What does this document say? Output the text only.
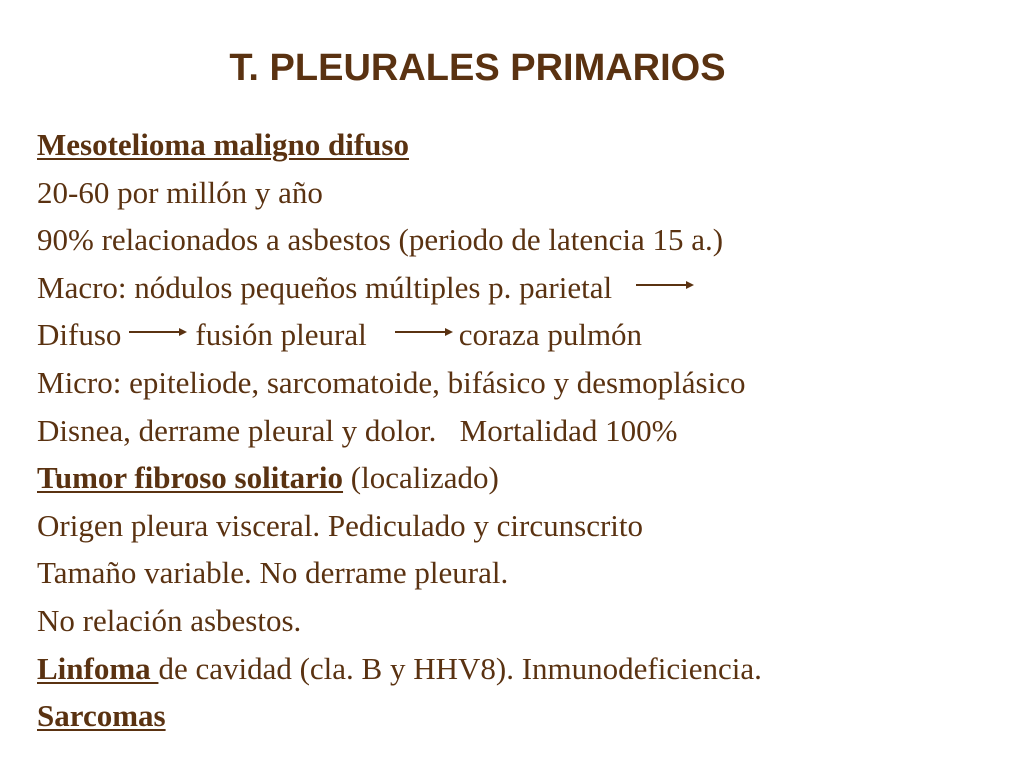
T. PLEURALES PRIMARIOS
Mesotelioma maligno difuso
20-60 por millón y año
90% relacionados a asbestos (periodo de latencia 15 a.)
Macro: nódulos pequeños múltiples p. parietal
Difuso fusión pleural	coraza pulmón
Micro: epiteliode, sarcomatoide, bifásico y desmoplásico
Disnea, derrame pleural y dolor.   Mortalidad 100%
Tumor fibroso solitario (localizado)
Origen pleura visceral. Pediculado y circunscrito
Tamaño variable. No derrame pleural.
No relación asbestos.
Linfoma de cavidad (cla. B y HHV8). Inmunodeficiencia.
Sarcomas
